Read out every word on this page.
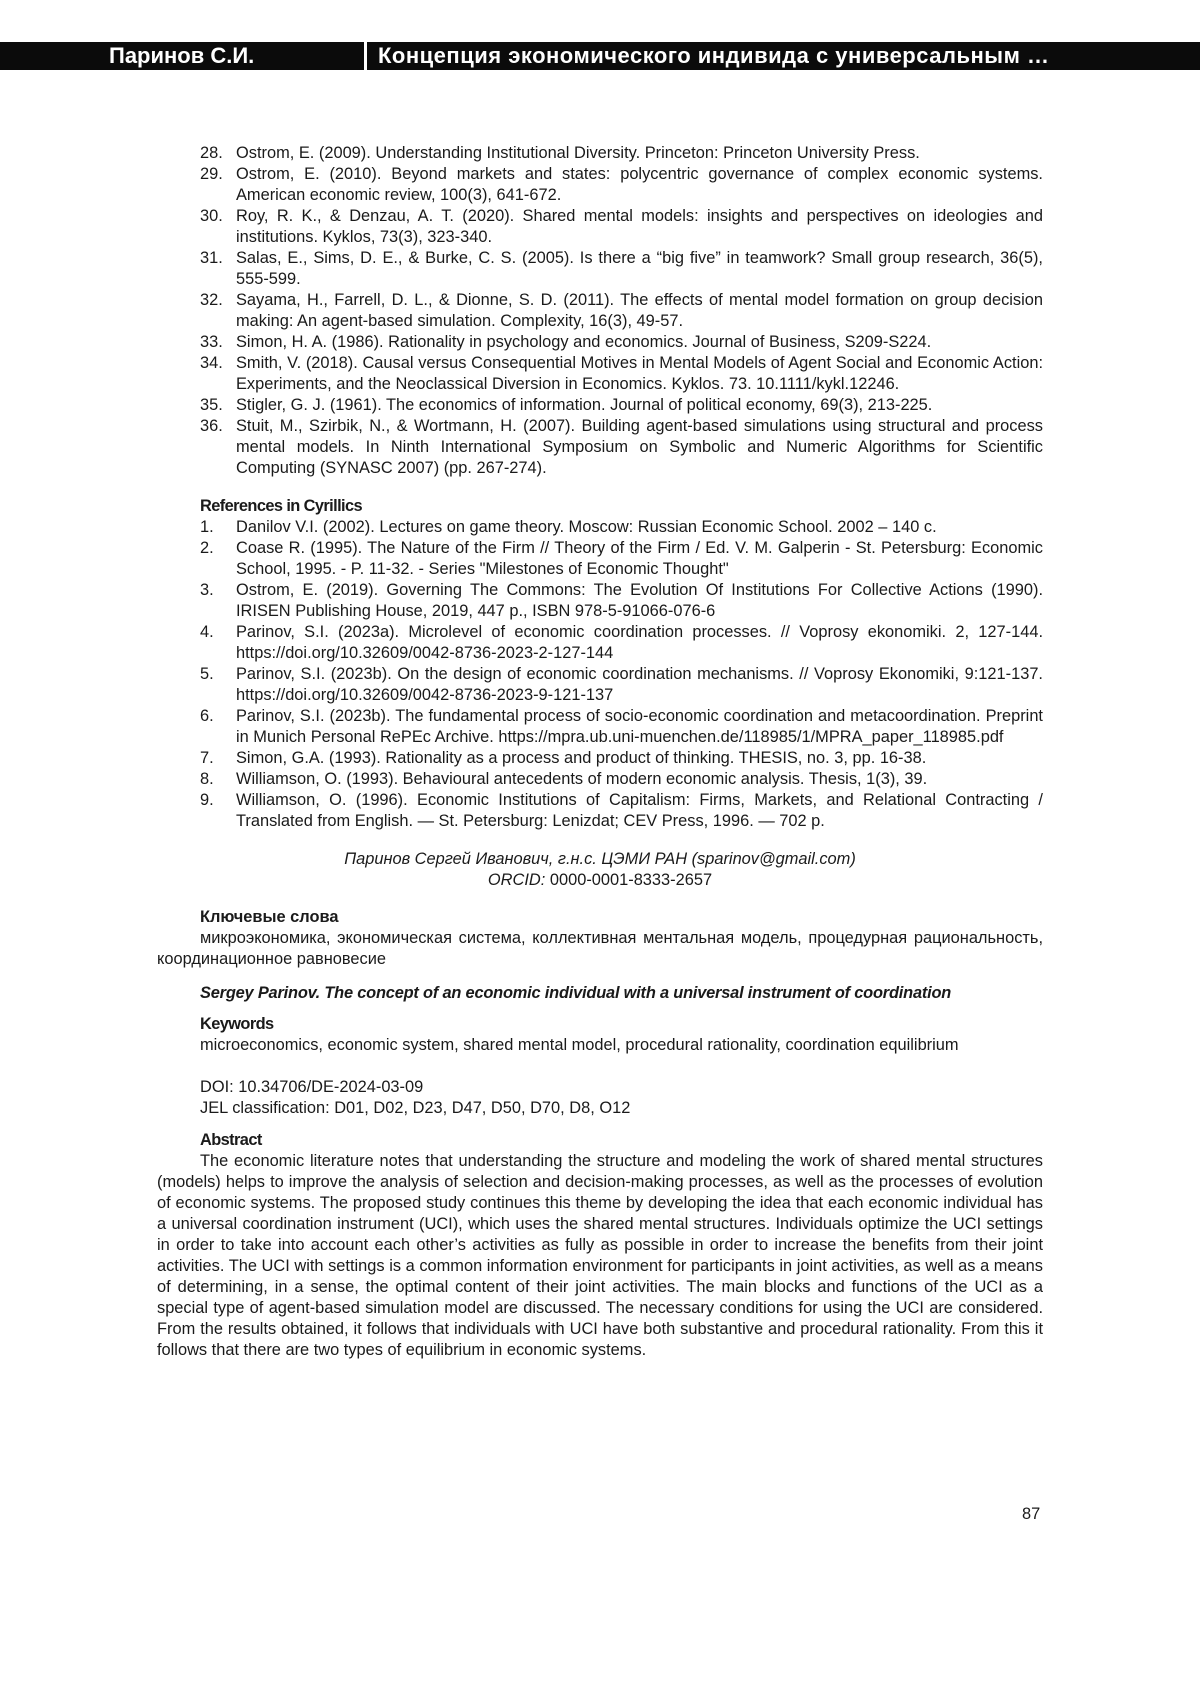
Паринов С.И.	Концепция экономического индивида с универсальным …
28. Ostrom, E. (2009). Understanding Institutional Diversity. Princeton: Princeton University Press.
29. Ostrom, E. (2010). Beyond markets and states: polycentric governance of complex economic systems. American economic review, 100(3), 641-672.
30. Roy, R. K., & Denzau, A. T. (2020). Shared mental models: insights and perspectives on ideologies and institutions. Kyklos, 73(3), 323-340.
31. Salas, E., Sims, D. E., & Burke, C. S. (2005). Is there a “big five” in teamwork? Small group research, 36(5), 555-599.
32. Sayama, H., Farrell, D. L., & Dionne, S. D. (2011). The effects of mental model formation on group decision making: An agent-based simulation. Complexity, 16(3), 49-57.
33. Simon, H. A. (1986). Rationality in psychology and economics. Journal of Business, S209-S224.
34. Smith, V. (2018). Causal versus Consequential Motives in Mental Models of Agent Social and Economic Action: Experiments, and the Neoclassical Diversion in Economics. Kyklos. 73. 10.1111/kykl.12246.
35. Stigler, G. J. (1961). The economics of information. Journal of political economy, 69(3), 213-225.
36. Stuit, M., Szirbik, N., & Wortmann, H. (2007). Building agent-based simulations using structural and process mental models. In Ninth International Symposium on Symbolic and Numeric Algorithms for Scientific Computing (SYNASC 2007) (pp. 267-274).
References in Cyrillics
1. Danilov V.I. (2002). Lectures on game theory. Moscow: Russian Economic School. 2002 – 140 c.
2. Coase R. (1995). The Nature of the Firm // Theory of the Firm / Ed. V. M. Galperin - St. Petersburg: Economic School, 1995. - P. 11-32. - Series "Milestones of Economic Thought"
3. Ostrom, E. (2019). Governing The Commons: The Evolution Of Institutions For Collective Actions (1990). IRISEN Publishing House, 2019, 447 p., ISBN 978-5-91066-076-6
4. Parinov, S.I. (2023a). Microlevel of economic coordination processes. // Voprosy ekonomiki. 2, 127-144. https://doi.org/10.32609/0042-8736-2023-2-127-144
5. Parinov, S.I. (2023b). On the design of economic coordination mechanisms. // Voprosy Ekonomiki, 9:121-137. https://doi.org/10.32609/0042-8736-2023-9-121-137
6. Parinov, S.I. (2023b). The fundamental process of socio-economic coordination and metacoordination. Preprint in Munich Personal RePEc Archive. https://mpra.ub.uni-muenchen.de/118985/1/MPRA_paper_118985.pdf
7. Simon, G.A. (1993). Rationality as a process and product of thinking. THESIS, no. 3, pp. 16-38.
8. Williamson, O. (1993). Behavioural antecedents of modern economic analysis. Thesis, 1(3), 39.
9. Williamson, O. (1996). Economic Institutions of Capitalism: Firms, Markets, and Relational Contracting / Translated from English. — St. Petersburg: Lenizdat; CEV Press, 1996. — 702 p.
Паринов Сергей Иванович, г.н.с. ЦЭМИ РАН (sparinov@gmail.com)
ORCID: 0000-0001-8333-2657
Ключевые слова

микроэкономика, экономическая система, коллективная ментальная модель, процедурная рациональность, координационное равновесие

Sergey Parinov. The concept of an economic individual with a universal instrument of coordination
Keywords
microeconomics, economic system, shared mental model, procedural rationality, coordination equilibrium
DOI: 10.34706/DE-2024-03-09
JEL classification: D01, D02, D23, D47, D50, D70, D8, O12
Abstract

The economic literature notes that understanding the structure and modeling the work of shared mental structures (models) helps to improve the analysis of selection and decision-making processes, as well as the processes of evolution of economic systems. The proposed study continues this theme by developing the idea that each economic individual has a universal coordination instrument (UCI), which uses the shared mental structures. Individuals optimize the UCI settings in order to take into account each other’s activities as fully as possible in order to increase the benefits from their joint activities. The UCI with settings is a common information environment for participants in joint activities, as well as a means of determining, in a sense, the optimal content of their joint activities. The main blocks and functions of the UCI as a special type of agent-based simulation model are discussed. The necessary conditions for using the UCI are considered. From the results obtained, it follows that individuals with UCI have both substantive and procedural rationality. From this it follows that there are two types of equilibrium in economic systems.

87
